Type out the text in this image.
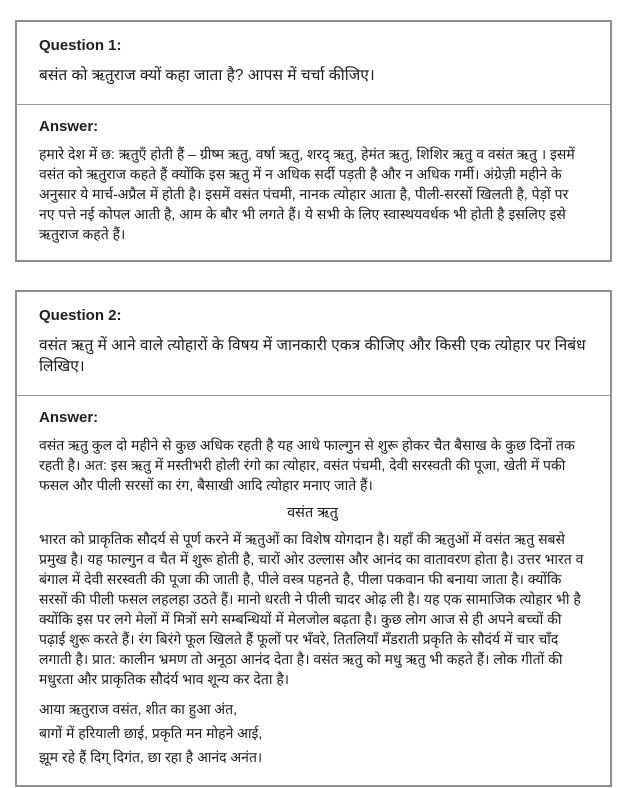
Question 1:
बसंत को ऋतुराज क्यों कहा जाता है? आपस में चर्चा कीजिए।
Answer:

हमारे देश में छ: ऋतुएँ होती हैं – ग्रीष्म ऋतु, वर्षा ऋतु, शरद् ऋतु, हेमंत ऋतु, शिशिर ऋतु व वसंत ऋतु । इसमें वसंत को ऋतुराज कहते हैं क्योंकि इस ऋतु में न अधिक सर्दी पड़ती है और न अधिक गर्मी। अंग्रेज़ी महीने के अनुसार ये मार्च-अप्रैल में होती है। इसमें वसंत पंचमी, नानक त्योहार आता है, पीली-सरसों खिलती है, पेड़ों पर नए पत्ते नई कोपल आती है, आम के बौर भी लगते हैं। ये सभी के लिए स्वास्थयवर्धक भी होती है इसलिए इसे ऋतुराज कहते हैं।

Question 2:
वसंत ऋतु में आने वाले त्योहारों के विषय में जानकारी एकत्र कीजिए और किसी एक त्योहार पर निबंध लिखिए।
Answer:

वसंत ऋतु कुल दो महीने से कुछ अधिक रहती है यह आधे फाल्गुन से शुरू होकर चैत बैसाख के कुछ दिनों तक रहती है। अत: इस ऋतु में मस्तीभरी होली रंगो का त्योहार, वसंत पंचमी, देवी सरस्वती की पूजा, खेती में पकी फसल और पीली सरसों का रंग, बैसाखी आदि त्योहार मनाए जाते हैं।

वसंत ऋतु

भारत को प्राकृतिक सौदर्य से पूर्ण करने में ऋतुओं का विशेष योगदान है। यहाँ की ऋतुओं में वसंत ऋतु सबसे प्रमुख है। यह फाल्गुन व चैत में शुरू होती है, चारों ओर उल्लास और आनंद का वातावरण होता है। उत्तर भारत व बंगाल में देवी सरस्वती की पूजा की जाती है, पीले वस्त्र पहनते है, पीला पकवान फी बनाया जाता है। क्योंकि सरसों की पीली फसल लहलहा उठते हैं। मानो धरती ने पीली चादर ओढ़ ली है। यह एक सामाजिक त्योहार भी है क्योंकि इस पर लगे मेलों में मित्रों सगे सम्बन्धियों में मेलजोल बढ़ता है। कुछ लोग आज से ही अपने बच्चों की पढ़ाई शुरू करते हैं। रंग बिरंगे फूल खिलते हैं फूलों पर भँवरे, तितलियाँ मँडराती प्रकृति के सौदंर्य में चार चाँद लगाती है। प्रात: कालीन भ्रमण तो अनूठा आनंद देता है। वसंत ऋतु को मधु ऋतु भी कहते हैं। लोक गीतों की मधुरता और प्राकृतिक सौदंर्य भाव शून्य कर देता है।

आया ऋतुराज वसंत, शीत का हुआ अंत,

बागों में हरियाली छाई, प्रकृति मन मोहने आई,

झूम रहे हैं दिग् दिगंत, छा रहा है आनंद अनंत।
